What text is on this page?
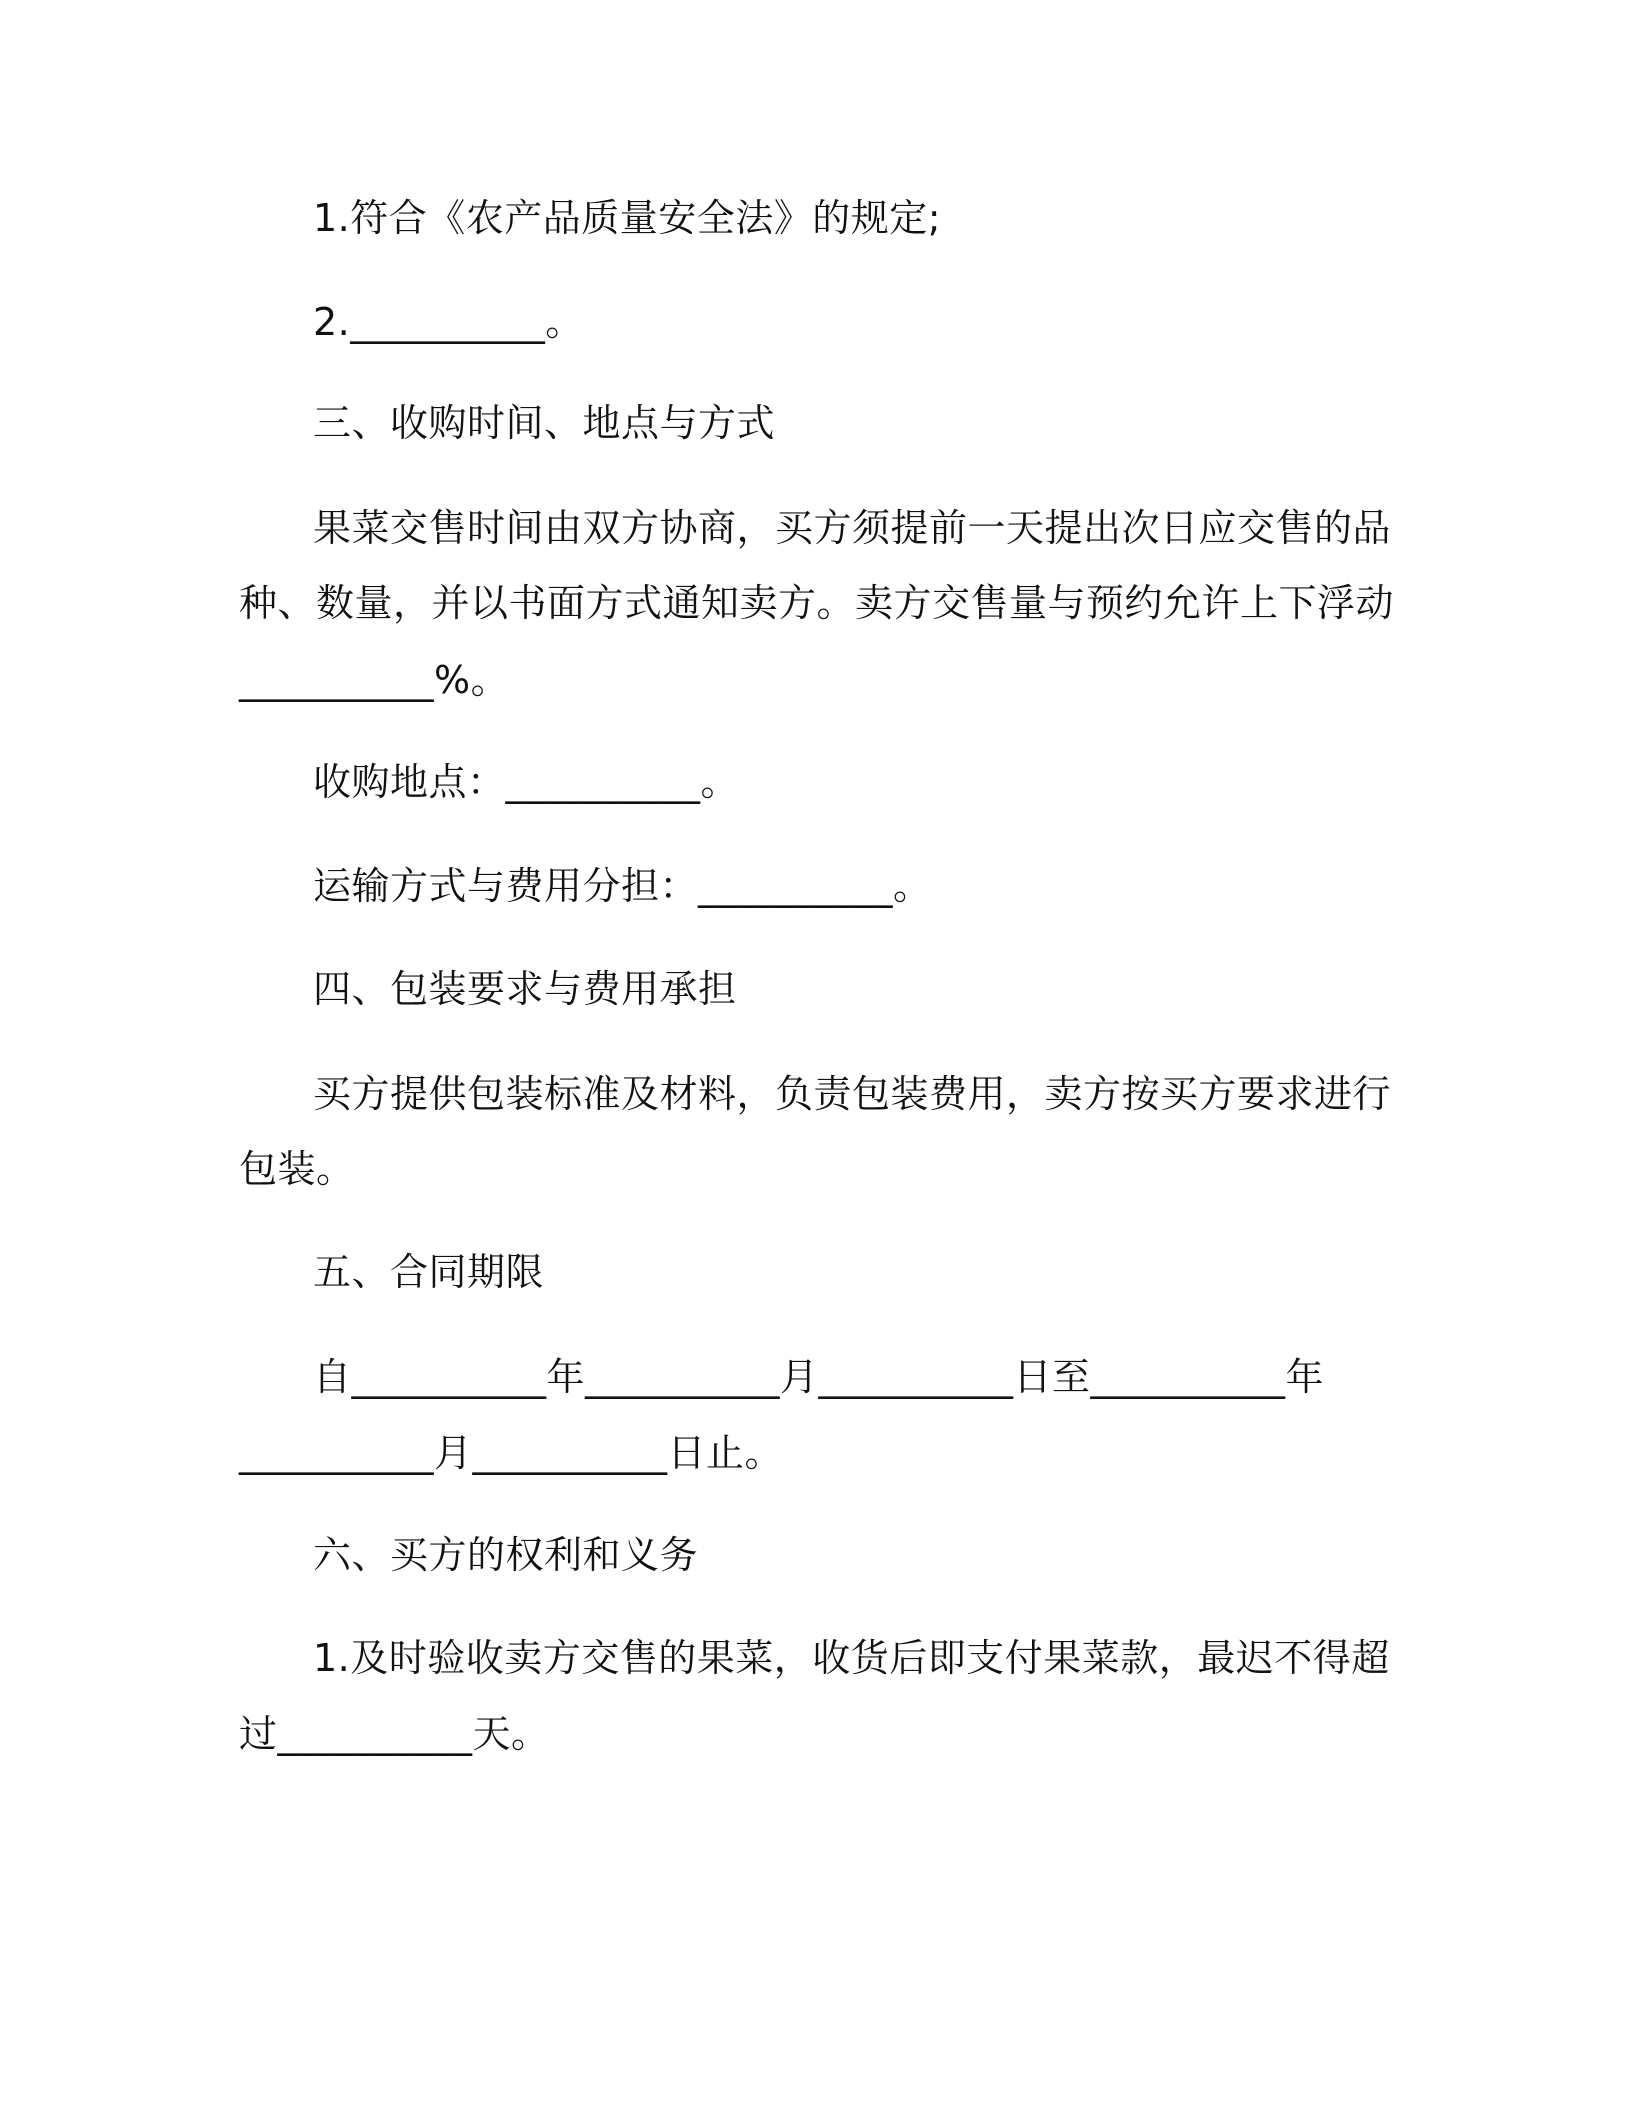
1.符合《农产品质量安全法》的规定;

2.__________。

三、收购时间、地点与方式

果菜交售时间由双方协商，买方须提前一天提出次日应交售的品

种、数量，并以书面方式通知卖方。卖方交售量与预约允许上下浮动

__________%。

收购地点：__________。

运输方式与费用分担：__________。

四、包装要求与费用承担

买方提供包装标准及材料，负责包装费用，卖方按买方要求进行

包装。

五、合同期限

自__________年__________月__________日至__________年

__________月__________日止。

六、买方的权利和义务

1.及时验收卖方交售的果菜，收货后即支付果菜款，最迟不得超

过__________天。
